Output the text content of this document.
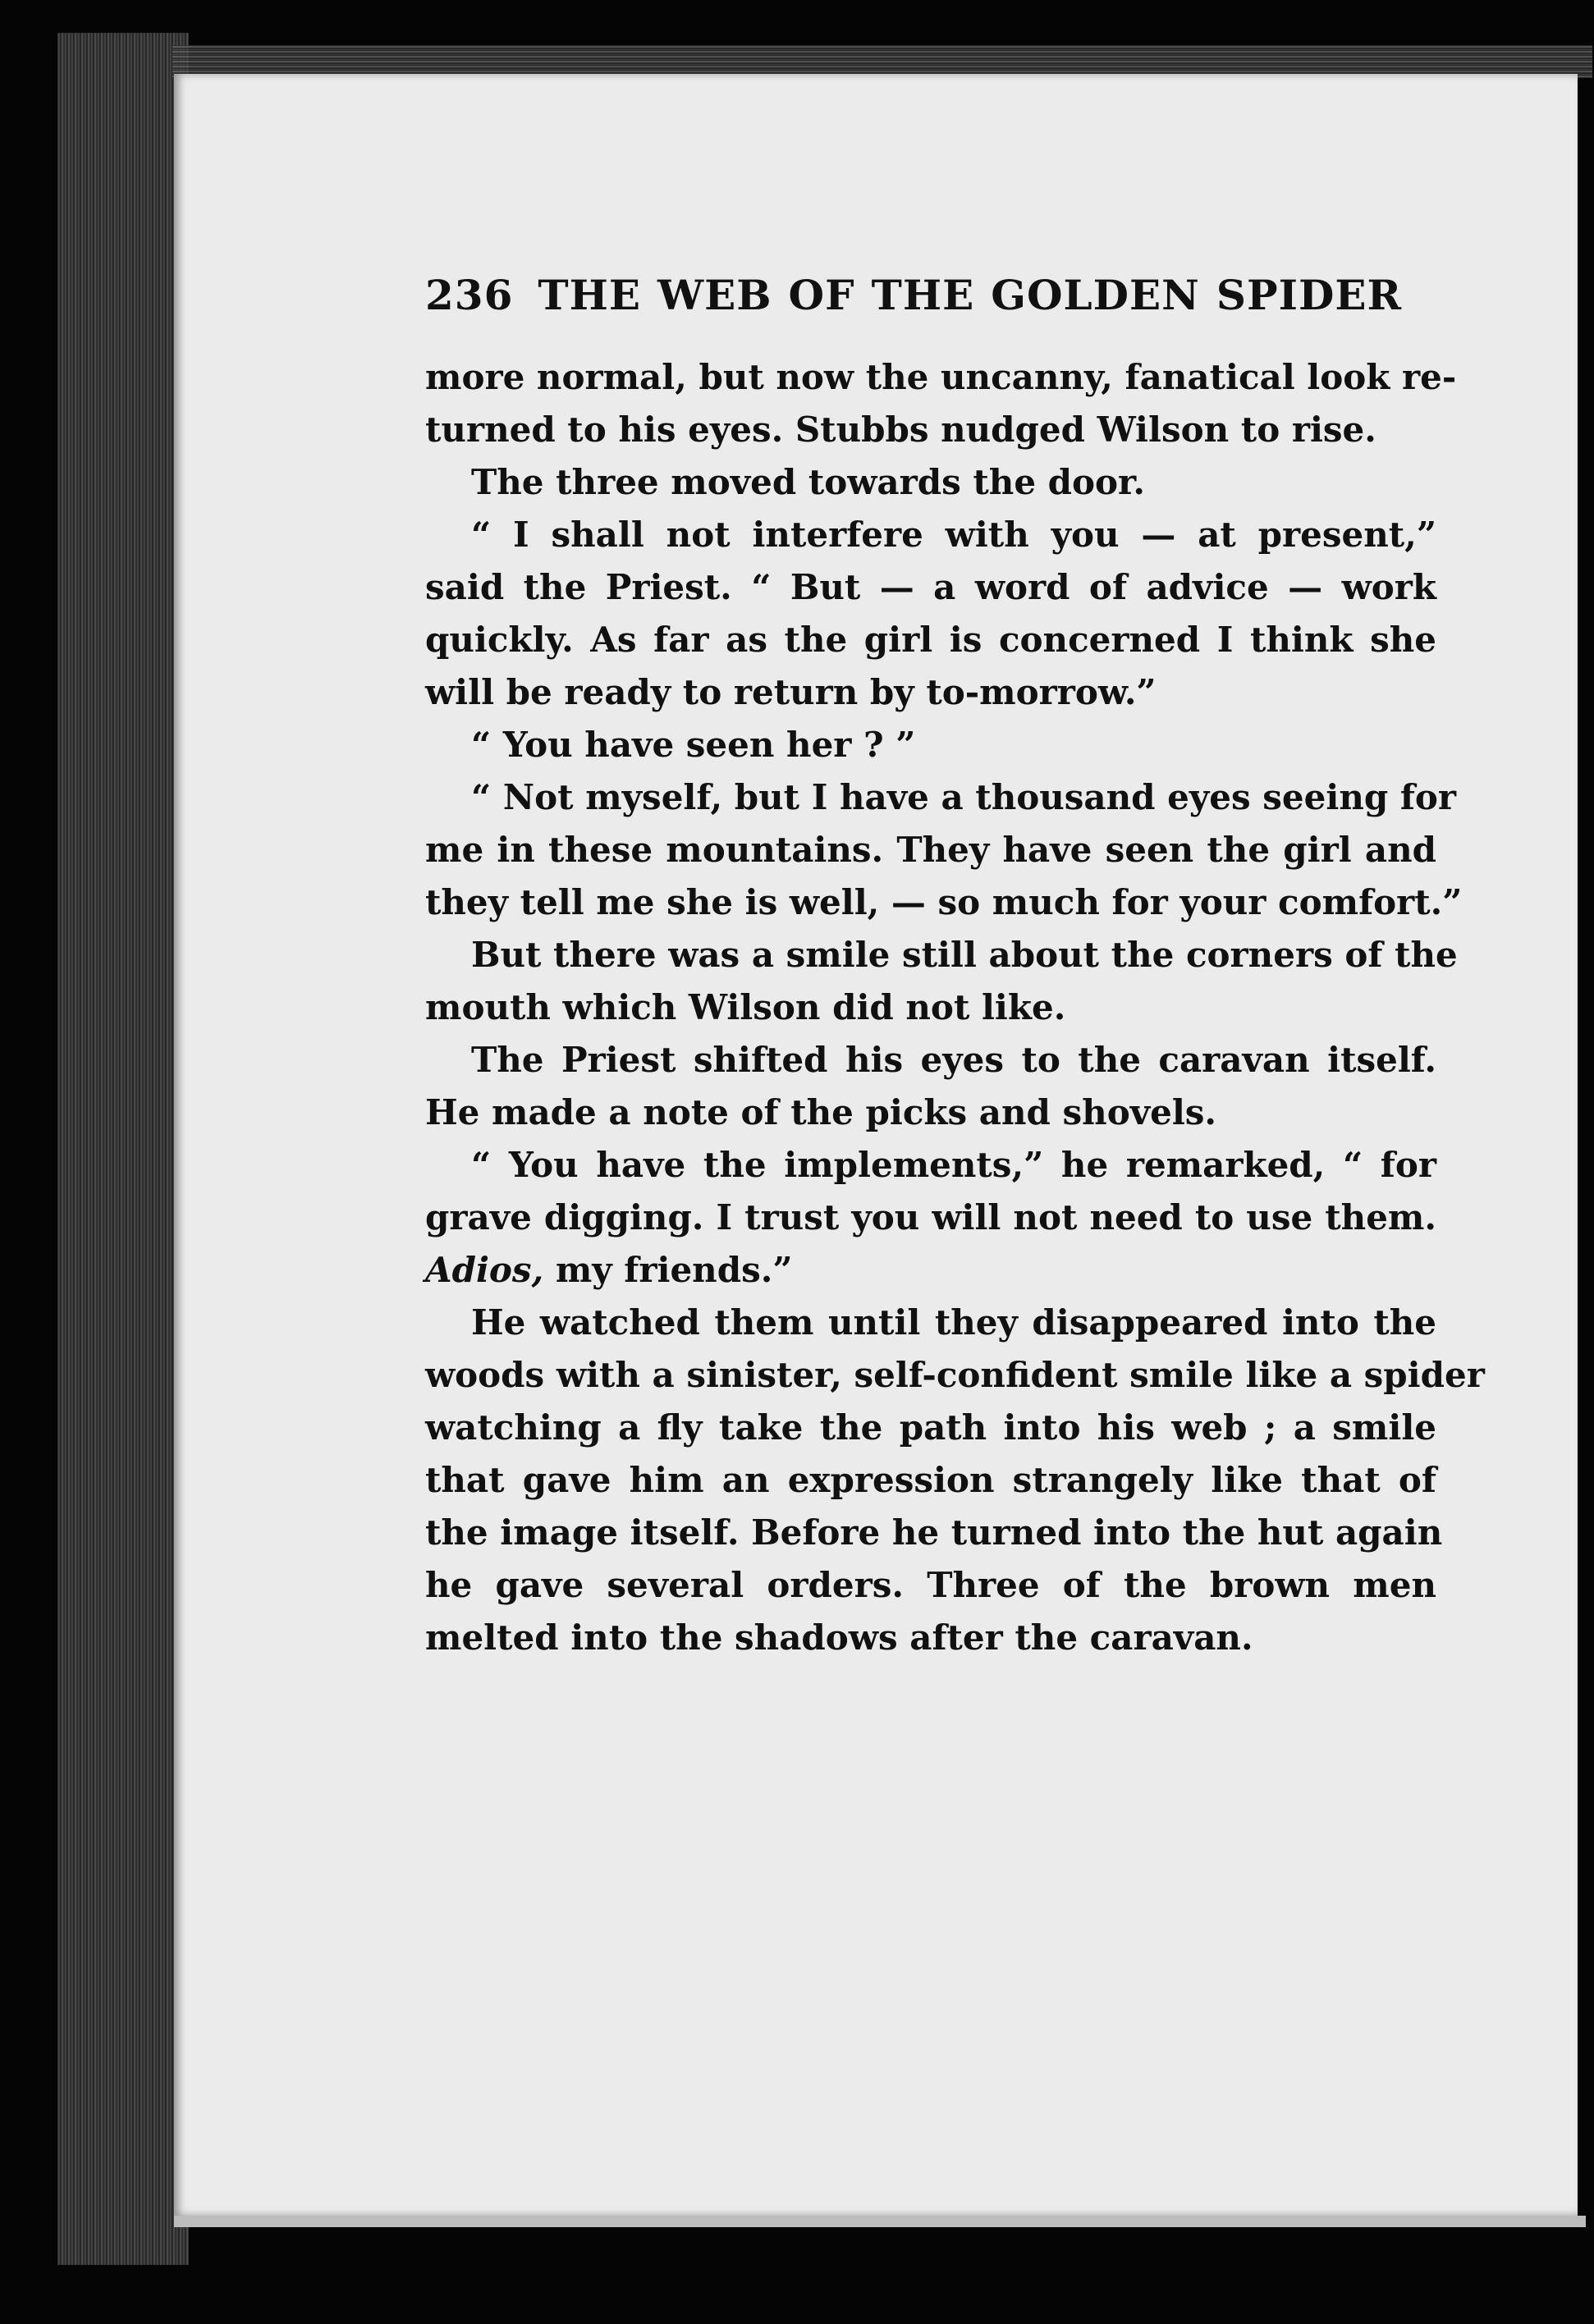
236 THE WEB OF THE GOLDEN SPIDER
more normal, but now the uncanny, fanatical look re-
turned to his eyes. Stubbs nudged Wilson to rise.
The three moved towards the door.
“ I shall not interfere with you — at present,”
said the Priest. “ But — a word of advice — work
quickly. As far as the girl is concerned I think she
will be ready to return by to-morrow.”
“ You have seen her ? ”
“ Not myself, but I have a thousand eyes seeing for
me in these mountains. They have seen the girl and
they tell me she is well, — so much for your comfort.”
But there was a smile still about the corners of the
mouth which Wilson did not like.
The Priest shifted his eyes to the caravan itself.
He made a note of the picks and shovels.
“ You have the implements,” he remarked, “ for
grave digging. I trust you will not need to use them.
Adios, my friends.”
He watched them until they disappeared into the
woods with a sinister, self-confident smile like a spider
watching a fly take the path into his web ; a smile
that gave him an expression strangely like that of
the image itself. Before he turned into the hut again
he gave several orders. Three of the brown men
melted into the shadows after the caravan.
